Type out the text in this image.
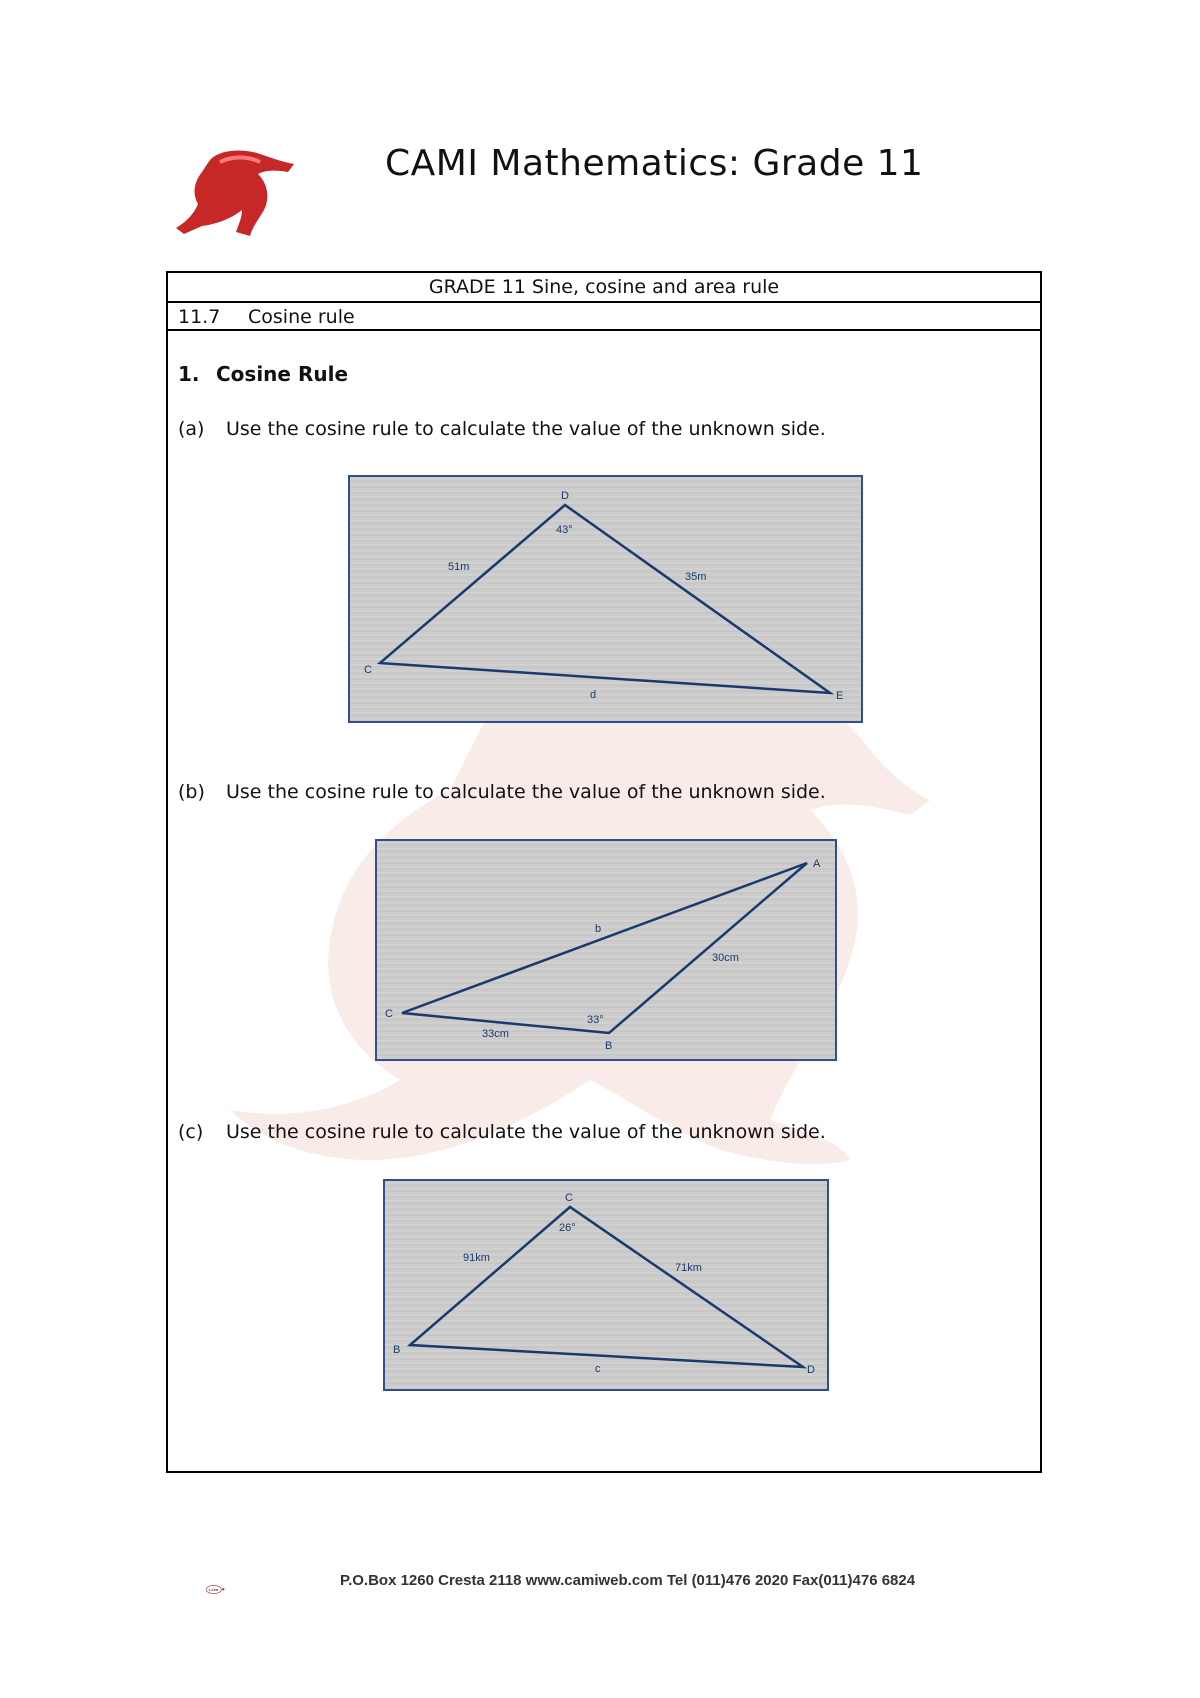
CAMI Mathematics: Grade 11
GRADE 11 Sine, cosine and area rule
11.7 Cosine rule
1. Cosine Rule
(a) Use the cosine rule to calculate the value of the unknown side.
D
C
E
43°
51m
35m
d
(b) Use the cosine rule to calculate the value of the unknown side.
A
C
B
33°
30cm
b
33cm
(c) Use the cosine rule to calculate the value of the unknown side.
C
B
D
26°
91km
71km
c
CAMI
P.O.Box 1260 Cresta 2118 www.camiweb.com Tel (011)476 2020 Fax(011)476 6824
